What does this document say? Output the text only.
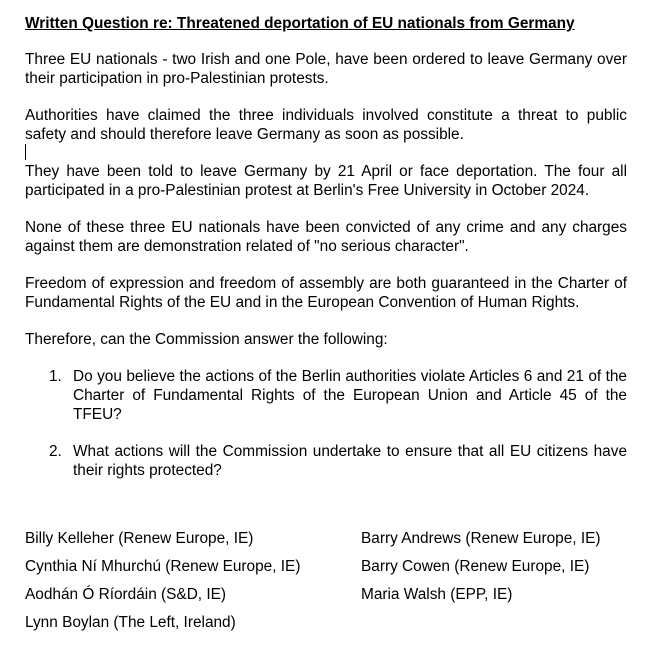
Written Question re: Threatened deportation of EU nationals from Germany

Three EU nationals - two Irish and one Pole, have been ordered to leave Germany over their participation in pro-Palestinian protests.

Authorities have claimed the three individuals involved constitute a threat to public safety and should therefore leave Germany as soon as possible.

They have been told to leave Germany by 21 April or face deportation. The four all participated in a pro-Palestinian protest at Berlin's Free University in October 2024.

None of these three EU nationals have been convicted of any crime and any charges against them are demonstration related of "no serious character".

Freedom of expression and freedom of assembly are both guaranteed in the Charter of Fundamental Rights of the EU and in the European Convention of Human Rights.

Therefore, can the Commission answer the following:

1. Do you believe the actions of the Berlin authorities violate Articles 6 and 21 of the Charter of Fundamental Rights of the European Union and Article 45 of the TFEU?
2. What actions will the Commission undertake to ensure that all EU citizens have their rights protected?
Billy Kelleher (Renew Europe, IE)
Cynthia Ní Mhurchú (Renew Europe, IE)
Aodhán Ó Ríordáin (S&D, IE)
Lynn Boylan (The Left, Ireland)
Barry Andrews (Renew Europe, IE)
Barry Cowen (Renew Europe, IE)
Maria Walsh (EPP, IE)
